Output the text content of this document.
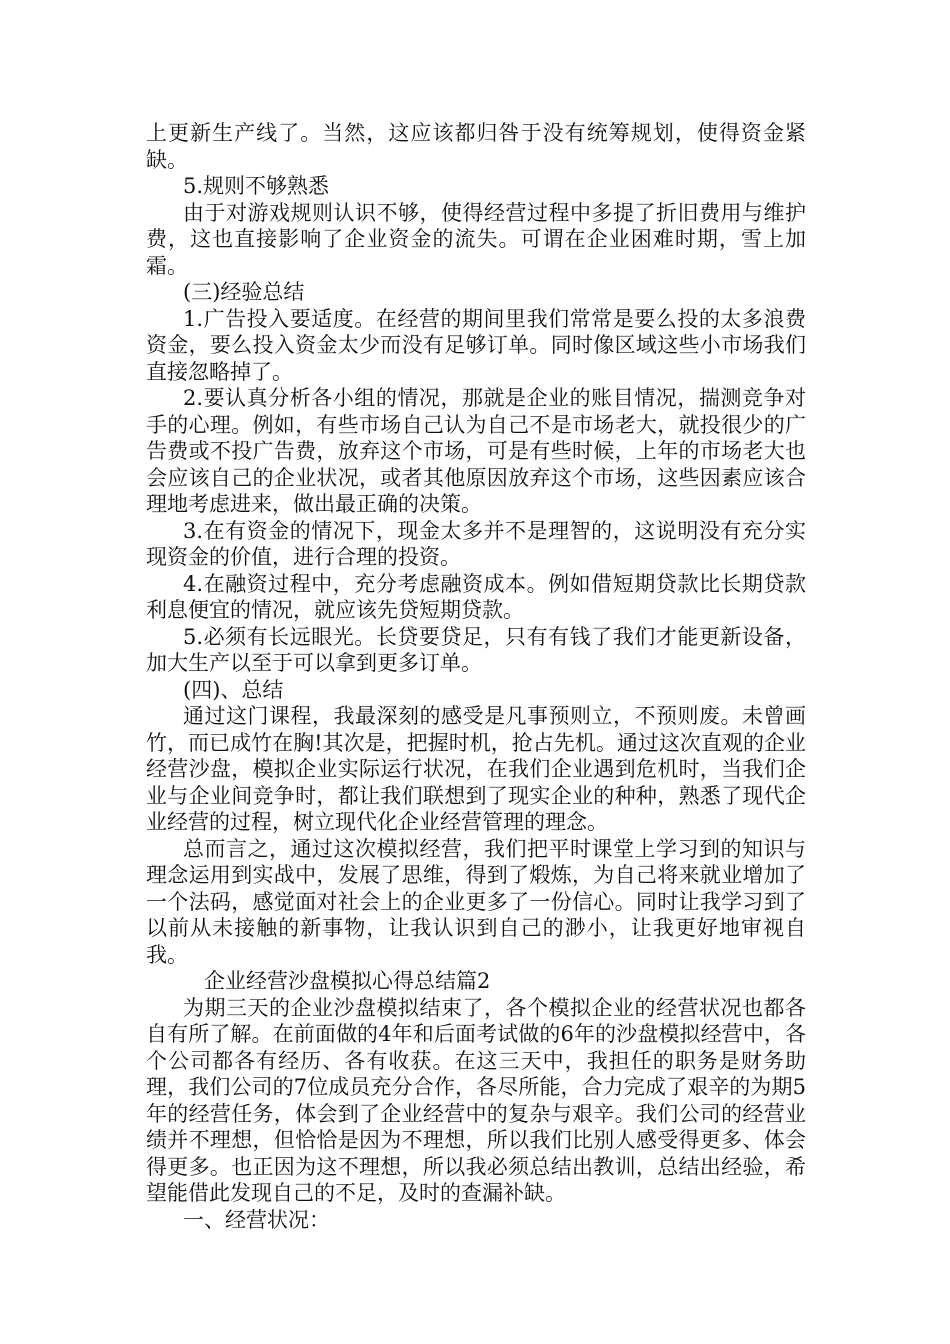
上更新生产线了。当然，这应该都归咎于没有统筹规划，使得资金紧缺。

5.规则不够熟悉

由于对游戏规则认识不够，使得经营过程中多提了折旧费用与维护费，这也直接影响了企业资金的流失。可谓在企业困难时期，雪上加霜。

(三)经验总结

1.广告投入要适度。在经营的期间里我们常常是要么投的太多浪费资金，要么投入资金太少而没有足够订单。同时像区域这些小市场我们直接忽略掉了。

2.要认真分析各小组的情况，那就是企业的账目情况，揣测竞争对手的心理。例如，有些市场自己认为自己不是市场老大，就投很少的广告费或不投广告费，放弃这个市场，可是有些时候，上年的市场老大也会应该自己的企业状况，或者其他原因放弃这个市场，这些因素应该合理地考虑进来，做出最正确的决策。

3.在有资金的情况下，现金太多并不是理智的，这说明没有充分实现资金的价值，进行合理的投资。

4.在融资过程中，充分考虑融资成本。例如借短期贷款比长期贷款利息便宜的情况，就应该先贷短期贷款。

5.必须有长远眼光。长贷要贷足，只有有钱了我们才能更新设备，加大生产以至于可以拿到更多订单。

(四)、总结

通过这门课程，我最深刻的感受是凡事预则立，不预则废。未曾画竹，而已成竹在胸!其次是，把握时机，抢占先机。通过这次直观的企业经营沙盘，模拟企业实际运行状况，在我们企业遇到危机时，当我们企业与企业间竞争时，都让我们联想到了现实企业的种种，熟悉了现代企业经营的过程，树立现代化企业经营管理的理念。

总而言之，通过这次模拟经营，我们把平时课堂上学习到的知识与理念运用到实战中，发展了思维，得到了煅炼，为自己将来就业增加了一个法码，感觉面对社会上的企业更多了一份信心。同时让我学习到了以前从未接触的新事物，让我认识到自己的渺小，让我更好地审视自我。

企业经营沙盘模拟心得总结篇2

为期三天的企业沙盘模拟结束了，各个模拟企业的经营状况也都各自有所了解。在前面做的4年和后面考试做的6年的沙盘模拟经营中，各个公司都各有经历、各有收获。在这三天中，我担任的职务是财务助理，我们公司的7位成员充分合作，各尽所能，合力完成了艰辛的为期5年的经营任务，体会到了企业经营中的复杂与艰辛。我们公司的经营业绩并不理想，但恰恰是因为不理想，所以我们比别人感受得更多、体会得更多。也正因为这不理想，所以我必须总结出教训，总结出经验，希望能借此发现自己的不足，及时的查漏补缺。

一、经营状况：
